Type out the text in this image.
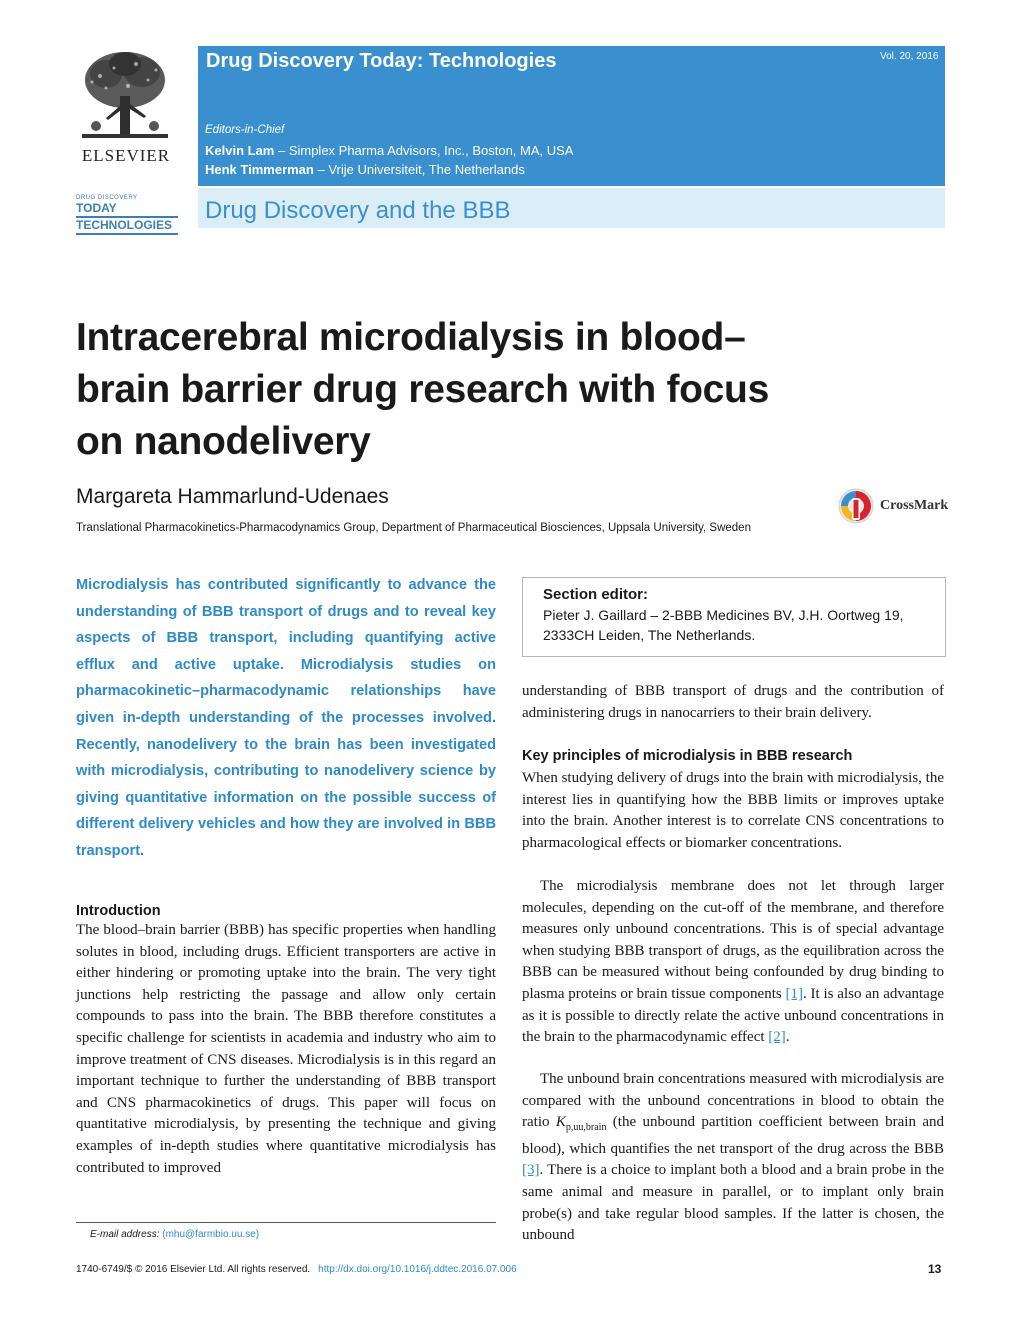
ELSEVIER
DRUG DISCOVERY
TODAY
TECHNOLOGIES
Drug Discovery Today: Technologies	Vol. 20, 2016
Editors-in-Chief
Kelvin Lam – Simplex Pharma Advisors, Inc., Boston, MA, USA
Henk Timmerman – Vrije Universiteit, The Netherlands
Drug Discovery and the BBB
Intracerebral microdialysis in blood–
brain barrier drug research with focus
on nanodelivery
Margareta Hammarlund-Udenaes
Translational Pharmacokinetics-Pharmacodynamics Group, Department of Pharmaceutical Biosciences, Uppsala University, Sweden
CrossMark
Microdialysis has contributed significantly to advance the understanding of BBB transport of drugs and to reveal key aspects of BBB transport, including quantifying active efflux and active uptake. Microdialysis studies on pharmacokinetic–pharmacodynamic relationships have given in-depth understanding of the processes involved. Recently, nanodelivery to the brain has been investigated with microdialysis, contributing to nanodelivery science by giving quantitative information on the possible success of different delivery vehicles and how they are involved in BBB transport.
Section editor:
Pieter J. Gaillard – 2-BBB Medicines BV, J.H. Oortweg 19,
2333CH Leiden, The Netherlands.
Introduction
The blood–brain barrier (BBB) has specific properties when handling solutes in blood, including drugs. Efficient transporters are active in either hindering or promoting uptake into the brain. The very tight junctions help restricting the passage and allow only certain compounds to pass into the brain. The BBB therefore constitutes a specific challenge for scientists in academia and industry who aim to improve treatment of CNS diseases. Microdialysis is in this regard an important technique to further the understanding of BBB transport and CNS pharmacokinetics of drugs. This paper will focus on quantitative microdialysis, by presenting the technique and giving examples of in-depth studies where quantitative microdialysis has contributed to improved
understanding of BBB transport of drugs and the contribution of administering drugs in nanocarriers to their brain delivery.
Key principles of microdialysis in BBB research
When studying delivery of drugs into the brain with microdialysis, the interest lies in quantifying how the BBB limits or improves uptake into the brain. Another interest is to correlate CNS concentrations to pharmacological effects or biomarker concentrations.
The microdialysis membrane does not let through larger molecules, depending on the cut-off of the membrane, and therefore measures only unbound concentrations. This is of special advantage when studying BBB transport of drugs, as the equilibration across the BBB can be measured without being confounded by drug binding to plasma proteins or brain tissue components [1]. It is also an advantage as it is possible to directly relate the active unbound concentrations in the brain to the pharmacodynamic effect [2].
The unbound brain concentrations measured with microdialysis are compared with the unbound concentrations in blood to obtain the ratio $K_{p,uu,brain}$ (the unbound partition coefficient between brain and blood), which quantifies the net transport of the drug across the BBB [3]. There is a choice to implant both a blood and a brain probe in the same animal and measure in parallel, or to implant only brain probe(s) and take regular blood samples. If the latter is chosen, the unbound
E-mail address: (mhu@farmbio.uu.se)
1740-6749/$ © 2016 Elsevier Ltd. All rights reserved. http://dx.doi.org/10.1016/j.ddtec.2016.07.006	13
